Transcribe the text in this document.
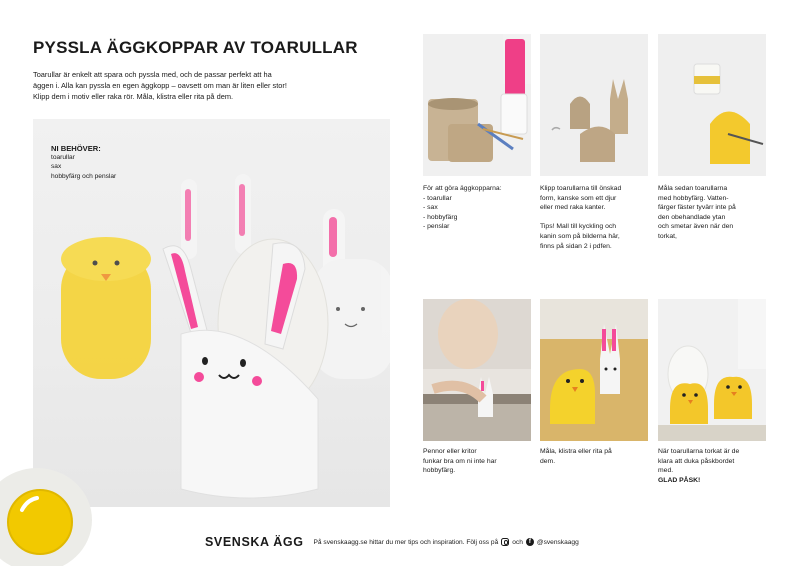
PYSSLA ÄGGKOPPAR AV TOARULLAR
Toarullar är enkelt att spara och pyssla med, och de passar perfekt att ha
äggen i. Alla kan pyssla en egen äggkopp – oavsett om man är liten eller stor!
Klipp dem i motiv eller raka rör. Måla, klistra eller rita på dem.
NI BEHÖVER:
toarullar
sax
hobbyfärg och penslar
För att göra äggkopparna:
- toarullar
- sax
- hobbyfärg
- penslar
Klipp toarullarna till önskad
form, kanske som ett djur
eller med raka kanter.
Tips! Mall till kyckling och
kanin som på bilderna här,
finns på sidan 2 i pdfen.
Måla sedan toarullarna
med hobbyfärg. Vatten-
färger fäster tyvärr inte på
den obehandlade ytan
och smetar även när den
torkat,
Pennor eller kritor
funkar bra om ni inte har
hobbyfärg.
Måla, klistra eller rita på
dem.
När toarullarna torkat är de
klara att duka påskbordet
med.
GLAD PÅSK!
SVENSKA ÄGG På svenskaagg.se hittar du mer tips och inspiration. Följ oss på och	f @svenskaagg
